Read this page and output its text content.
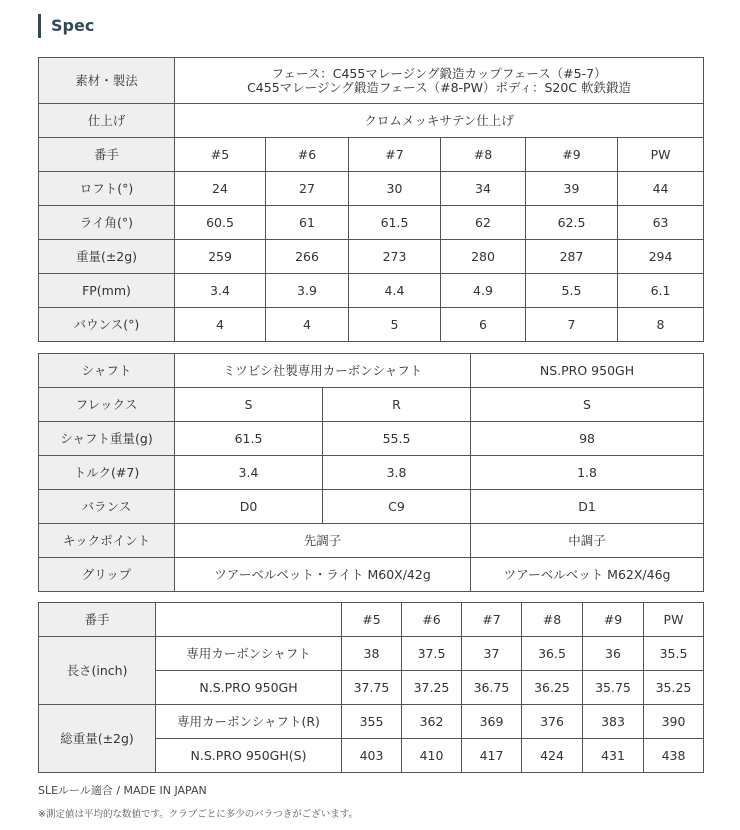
Spec
素材・製法	フェース：C455マレージング鍛造カップフェース（#5-7）
C455マレージング鍛造フェース（#8-PW）ボディ：S20C 軟鉄鍛造					
仕上げ	クロムメッキサテン仕上げ					
番手	#5	#6	#7	#8	#9	PW
ロフト(°)	24	27	30	34	39	44
ライ角(°)	60.5	61	61.5	62	62.5	63
重量(±2g)	259	266	273	280	287	294
FP(mm)	3.4	3.9	4.4	4.9	5.5	6.1
バウンス(°)	4	4	5	6	7	8
シャフト	ミツビシ社製専用カーボンシャフト		NS.PRO 950GH
フレックス	S	R	S
シャフト重量(g)	61.5	55.5	98
トルク(#7)	3.4	3.8	1.8
バランス	D0	C9	D1
キックポイント	先調子		中調子
グリップ	ツアーベルベット・ライト M60X/42g		ツアーベルベット M62X/46g
番手		#5	#6	#7	#8	#9	PW
長さ(inch)	専用カーボンシャフト	38	37.5	37	36.5	36	35.5
	N.S.PRO 950GH	37.75	37.25	36.75	36.25	35.75	35.25
総重量(±2g)	専用カーボンシャフト(R)	355	362	369	376	383	390
	N.S.PRO 950GH(S)	403	410	417	424	431	438
SLEルール適合 / MADE IN JAPAN
※測定値は平均的な数値です。クラブごとに多少のバラつきがございます。
